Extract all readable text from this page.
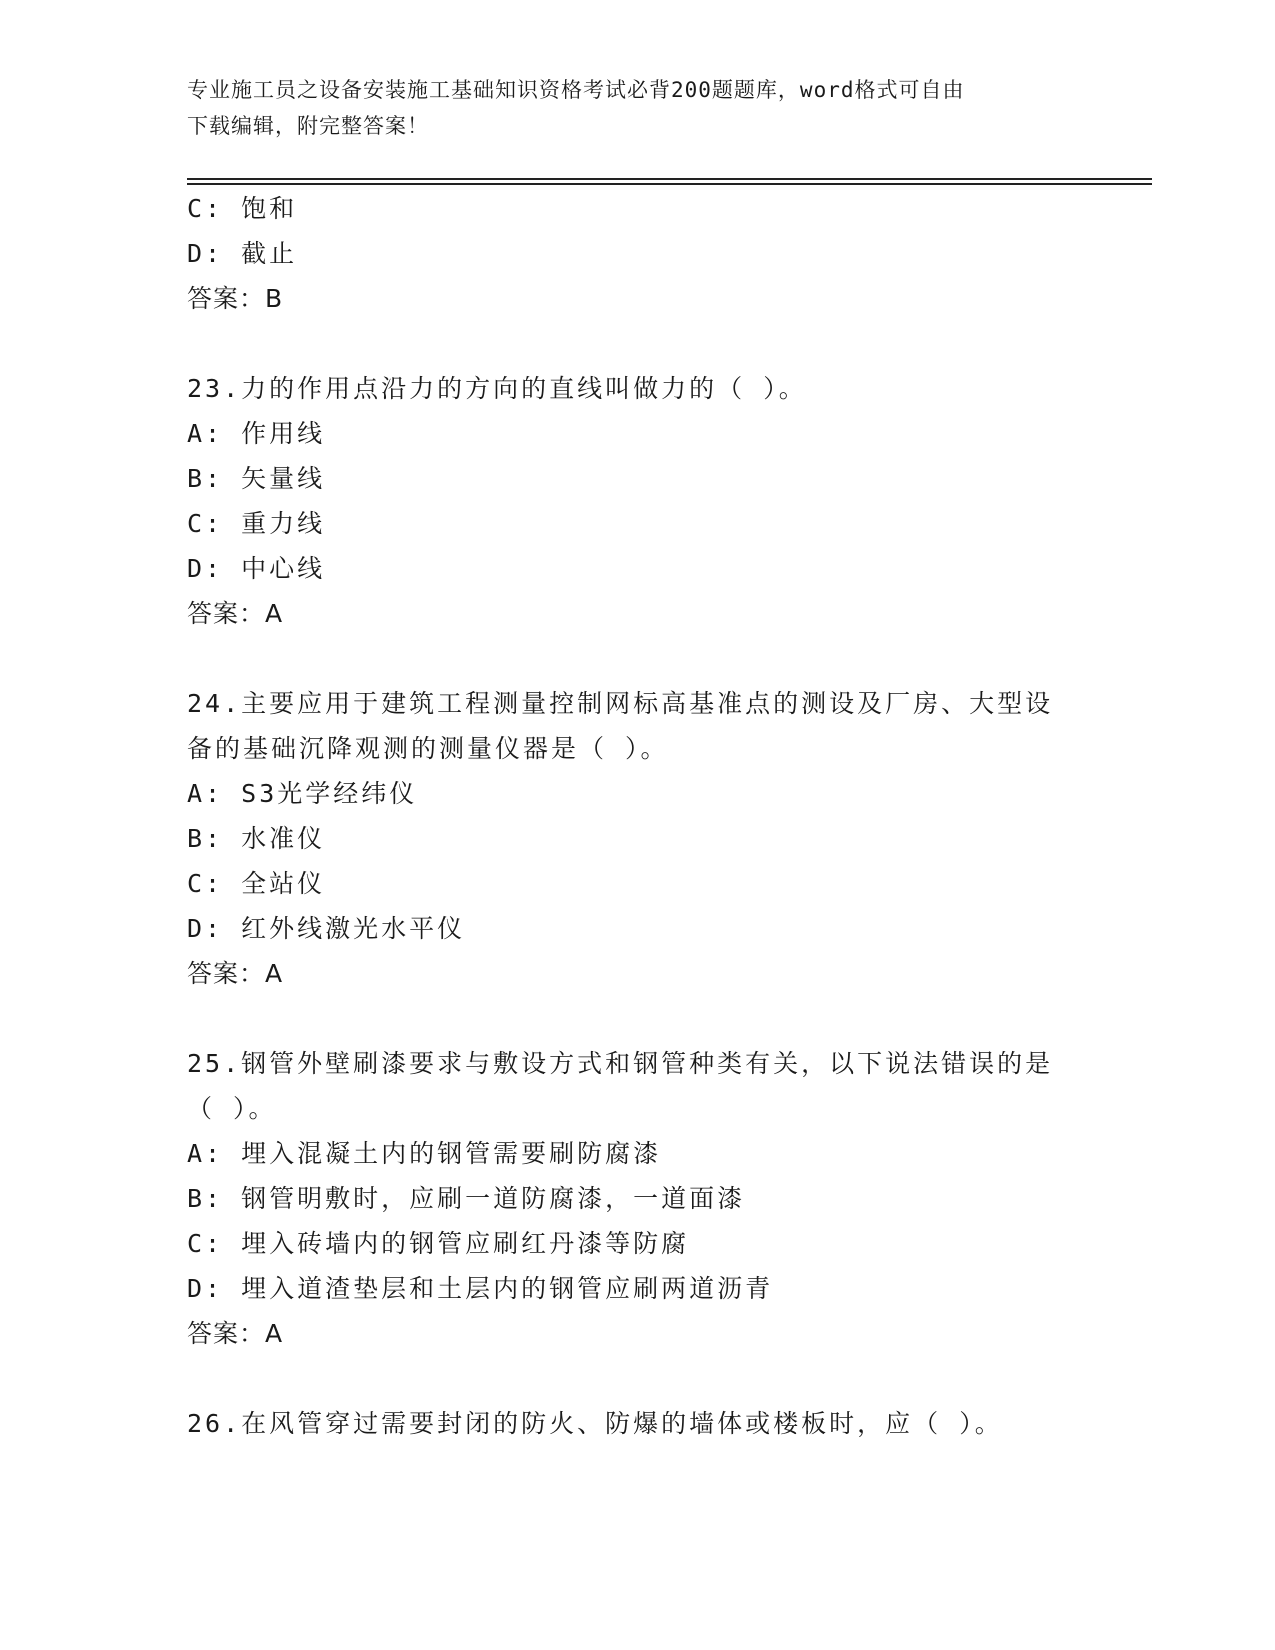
专业施工员之设备安装施工基础知识资格考试必背200题题库，word格式可自由
下载编辑，附完整答案！
C: 饱和
D: 截止
答案：B
23.力的作用点沿力的方向的直线叫做力的（ ）。
A: 作用线
B: 矢量线
C: 重力线
D: 中心线
答案：A
24.主要应用于建筑工程测量控制网标高基准点的测设及厂房、大型设
备的基础沉降观测的测量仪器是（ ）。
A: S3光学经纬仪
B: 水准仪
C: 全站仪
D: 红外线激光水平仪
答案：A
25.钢管外壁刷漆要求与敷设方式和钢管种类有关，以下说法错误的是
（ ）。
A: 埋入混凝土内的钢管需要刷防腐漆
B: 钢管明敷时，应刷一道防腐漆，一道面漆
C: 埋入砖墙内的钢管应刷红丹漆等防腐
D: 埋入道渣垫层和土层内的钢管应刷两道沥青
答案：A
26.在风管穿过需要封闭的防火、防爆的墙体或楼板时，应（ ）。
